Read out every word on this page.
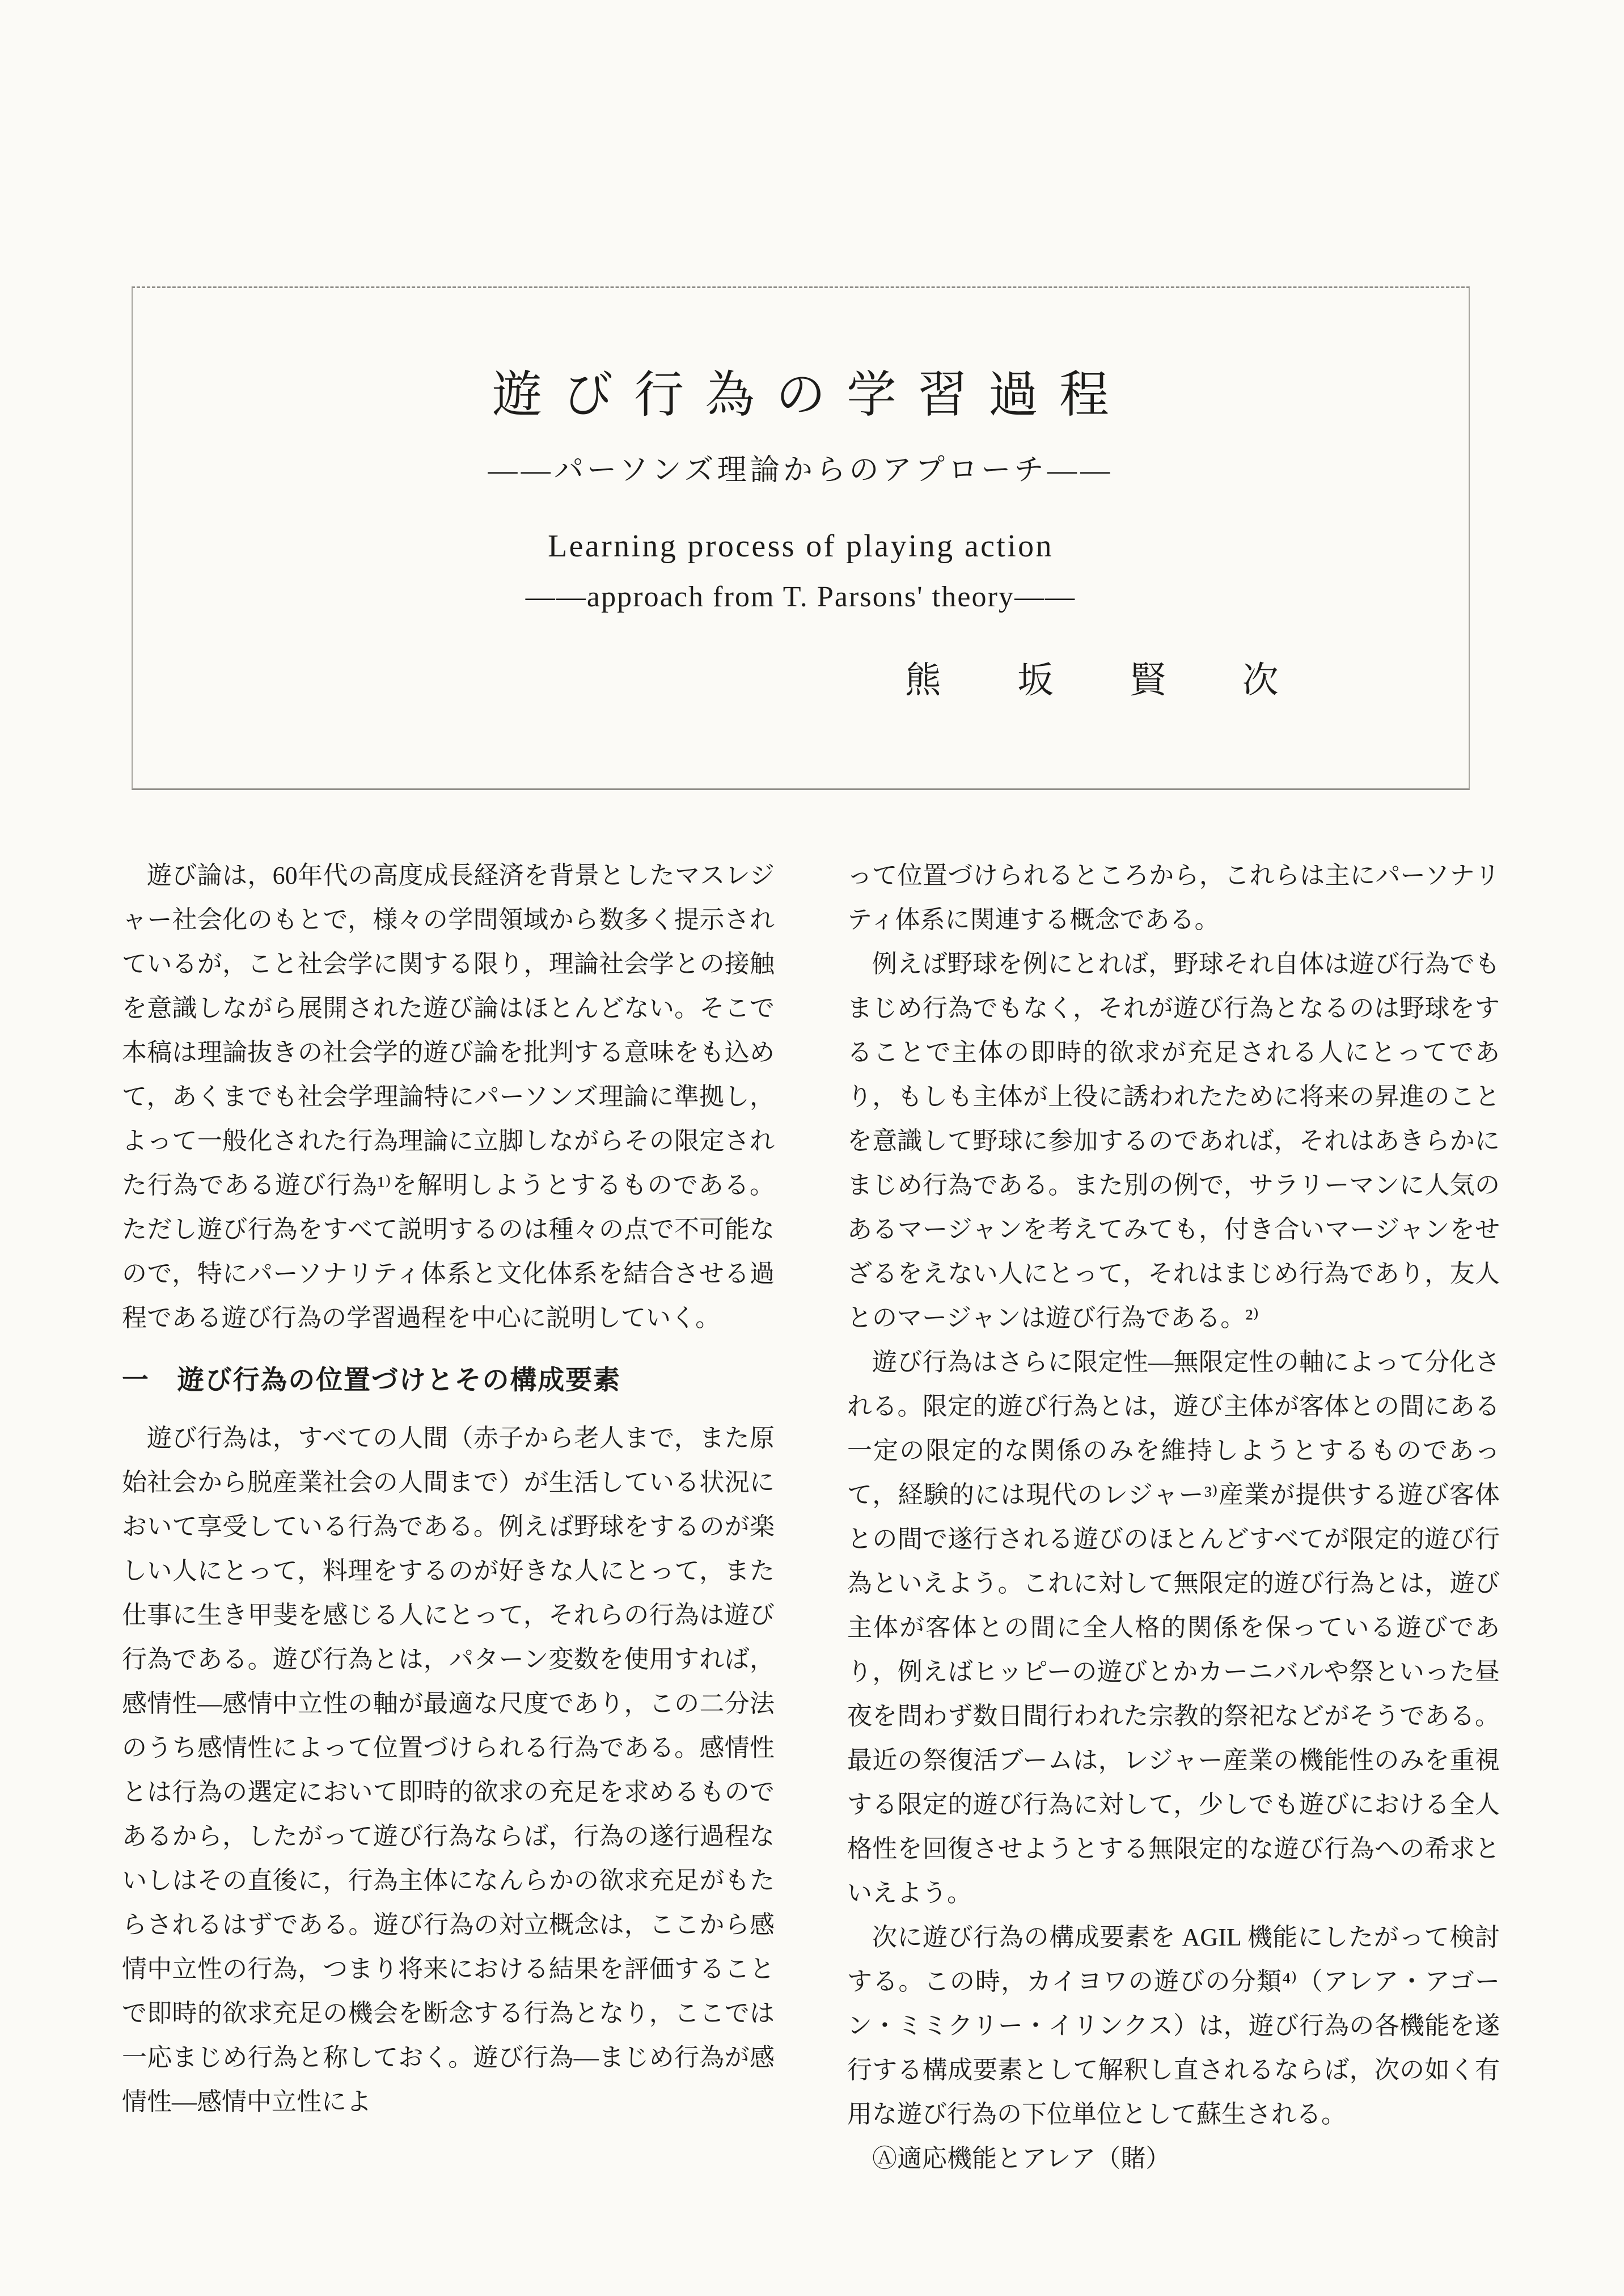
遊び行為の学習過程
——パーソンズ理論からのアプローチ——
Learning process of playing action
——approach from T. Parsons' theory——
熊　坂　賢　次

遊び論は，60年代の高度成長経済を背景としたマスレジャー社会化のもとで，様々の学問領域から数多く提示されているが，こと社会学に関する限り，理論社会学との接触を意識しながら展開された遊び論はほとんどない。そこで本稿は理論抜きの社会学的遊び論を批判する意味をも込めて，あくまでも社会学理論特にパーソンズ理論に準拠し，よって一般化された行為理論に立脚しながらその限定された行為である遊び行為¹⁾を解明しようとするものである。ただし遊び行為をすべて説明するのは種々の点で不可能なので，特にパーソナリティ体系と文化体系を結合させる過程である遊び行為の学習過程を中心に説明していく。

一　遊び行為の位置づけとその構成要素

遊び行為は，すべての人間（赤子から老人まで，また原始社会から脱産業社会の人間まで）が生活している状況において享受している行為である。例えば野球をするのが楽しい人にとって，料理をするのが好きな人にとって，また仕事に生き甲斐を感じる人にとって，それらの行為は遊び行為である。遊び行為とは，パターン変数を使用すれば，感情性―感情中立性の軸が最適な尺度であり，この二分法のうち感情性によって位置づけられる行為である。感情性とは行為の選定において即時的欲求の充足を求めるものであるから，したがって遊び行為ならば，行為の遂行過程ないしはその直後に，行為主体になんらかの欲求充足がもたらされるはずである。遊び行為の対立概念は，ここから感情中立性の行為，つまり将来における結果を評価することで即時的欲求充足の機会を断念する行為となり，ここでは一応まじめ行為と称しておく。遊び行為―まじめ行為が感情性―感情中立性によ

って位置づけられるところから，これらは主にパーソナリティ体系に関連する概念である。

例えば野球を例にとれば，野球それ自体は遊び行為でもまじめ行為でもなく，それが遊び行為となるのは野球をすることで主体の即時的欲求が充足される人にとってであり，もしも主体が上役に誘われたために将来の昇進のことを意識して野球に参加するのであれば，それはあきらかにまじめ行為である。また別の例で，サラリーマンに人気のあるマージャンを考えてみても，付き合いマージャンをせざるをえない人にとって，それはまじめ行為であり，友人とのマージャンは遊び行為である。²⁾

遊び行為はさらに限定性―無限定性の軸によって分化される。限定的遊び行為とは，遊び主体が客体との間にある一定の限定的な関係のみを維持しようとするものであって，経験的には現代のレジャー³⁾産業が提供する遊び客体との間で遂行される遊びのほとんどすべてが限定的遊び行為といえよう。これに対して無限定的遊び行為とは，遊び主体が客体との間に全人格的関係を保っている遊びであり，例えばヒッピーの遊びとかカーニバルや祭といった昼夜を問わず数日間行われた宗教的祭祀などがそうである。最近の祭復活ブームは，レジャー産業の機能性のみを重視する限定的遊び行為に対して，少しでも遊びにおける全人格性を回復させようとする無限定的な遊び行為への希求といえよう。

次に遊び行為の構成要素を AGIL 機能にしたがって検討する。この時，カイヨワの遊びの分類⁴⁾（アレア・アゴーン・ミミクリー・イリンクス）は，遊び行為の各機能を遂行する構成要素として解釈し直されるならば，次の如く有用な遊び行為の下位単位として蘇生される。

Ⓐ適応機能とアレア（賭）
